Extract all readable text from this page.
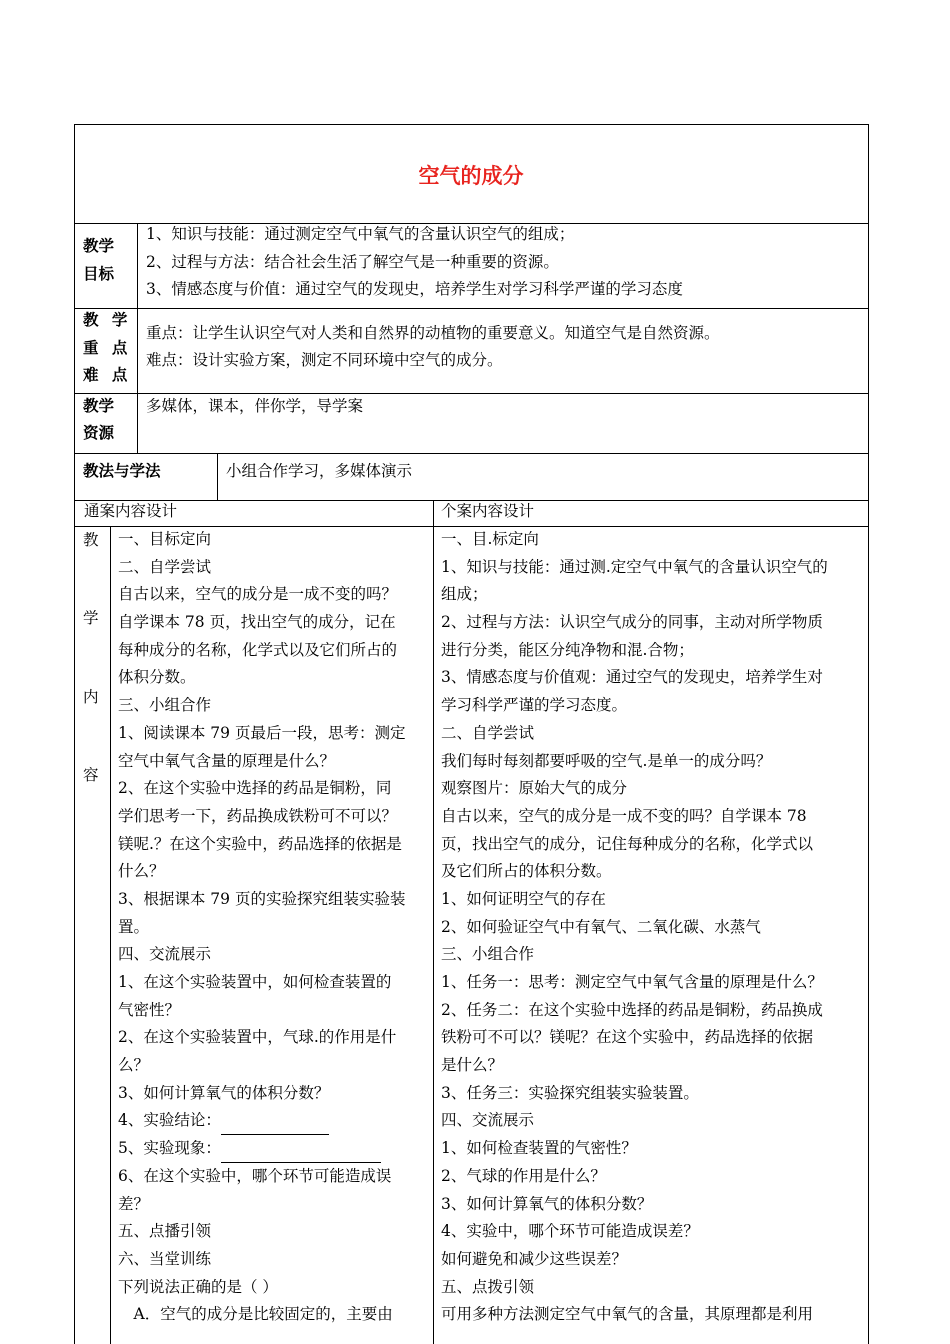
空气的成分
教学
目标
1、知识与技能：通过测定空气中氧气的含量认识空气的组成；
2、过程与方法：结合社会生活了解空气是一种重要的资源。
3、情感态度与价值：通过空气的发现史，培养学生对学习科学严谨的学习态度
教 学
重 点
难 点
重点：让学生认识空气对人类和自然界的动植物的重要意义。知道空气是自然资源。
难点：设计实验方案，测定不同环境中空气的成分。
教学
资源
多媒体，课本，伴你学，导学案
教法与学法	小组合作学习，多媒体演示
通案内容设计	个案内容设计
教
学
内
容
一、目标定向
二、自学尝试
自古以来，空气的成分是一成不变的吗？
自学课本 78 页，找出空气的成分，记在
每种成分的名称，化学式以及它们所占的
体积分数。
三、小组合作
1、阅读课本 79 页最后一段，思考：测定
空气中氧气含量的原理是什么？
2、在这个实验中选择的药品是铜粉，同
学们思考一下，药品换成铁粉可不可以？
镁呢.？在这个实验中，药品选择的依据是
什么？
3、根据课本 79 页的实验探究组装实验装
置。
四、交流展示
1、在这个实验装置中，如何检查装置的
气密性？
2、在这个实验装置中，气球.的作用是什
么？
3、如何计算氧气的体积分数？
4、实验结论：
5、实验现象：
6、在这个实验中，哪个环节可能造成误
差？
五、点播引领
六、当堂训练
下列说法正确的是（ ）
　A．空气的成分是比较固定的，主要由
一、目.标定向
1、知识与技能：通过测.定空气中氧气的含量认识空气的
组成；
2、过程与方法：认识空气成分的同事，主动对所学物质
进行分类，能区分纯净物和混.合物；
3、情感态度与价值观：通过空气的发现史，培养学生对
学习科学严谨的学习态度。
二、自学尝试
我们每时每刻都要呼吸的空气.是单一的成分吗？
观察图片：原始大气的成分
自古以来，空气的成分是一成不变的吗？自学课本 78
页，找出空气的成分，记住每种成分的名称，化学式以
及它们所占的体积分数。
1、如何证明空气的存在
2、如何验证空气中有氧气、二氧化碳、水蒸气
三、小组合作
1、任务一：思考：测定空气中氧气含量的原理是什么？
2、任务二：在这个实验中选择的药品是铜粉，药品换成
铁粉可不可以？镁呢？在这个实验中，药品选择的依据
是什么？
3、任务三：实验探究组装实验装置。
四、交流展示
1、如何检查装置的气密性？
2、气球的作用是什么？
3、如何计算氧气的体积分数？
4、实验中，哪个环节可能造成误差？
如何避免和减少这些误差？
五、点拨引领
可用多种方法测定空气中氧气的含量，其原理都是利用
